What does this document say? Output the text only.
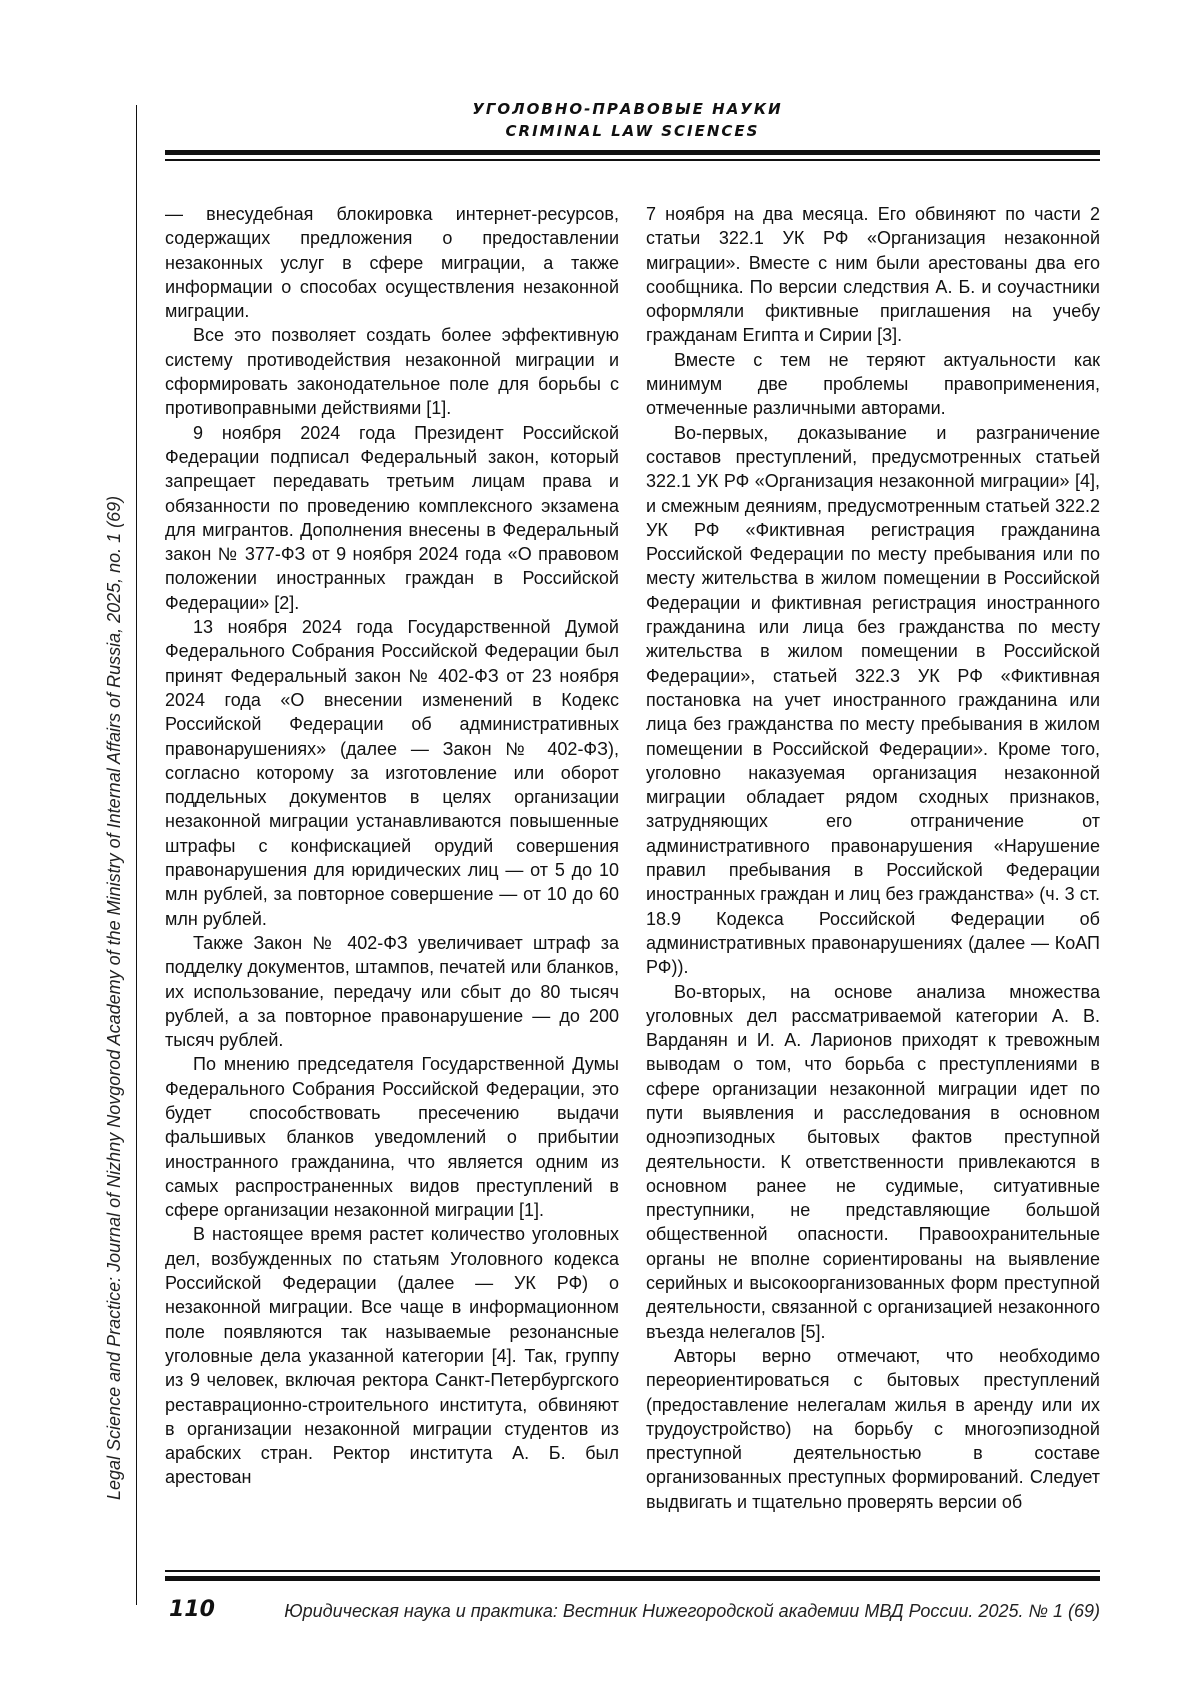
Legal Science and Practice: Journal of Nizhny Novgorod Academy of the Ministry of Internal Affairs of Russia, 2025, no. 1 (69)
УГОЛОВНО-ПРАВОВЫЕ НАУКИ
CRIMINAL LAW SCIENCES

— внесудебная блокировка интернет-ресурсов, содержащих предложения о предоставлении незаконных услуг в сфере миграции, а также информации о способах осуществления незаконной миграции.

Все это позволяет создать более эффективную систему противодействия незаконной миграции и сформировать законодательное поле для борьбы с противоправными действиями [1].

9 ноября 2024 года Президент Российской Федерации подписал Федеральный закон, который запрещает передавать третьим лицам права и обязанности по проведению комплексного экзамена для мигрантов. Дополнения внесены в Федеральный закон № 377-ФЗ от 9 ноября 2024 года «О правовом положении иностранных граждан в Российской Федерации» [2].

13 ноября 2024 года Государственной Думой Федерального Собрания Российской Федерации был принят Федеральный закон № 402-ФЗ от 23 ноября 2024 года «О внесении изменений в Кодекс Российской Федерации об административных правонарушениях» (далее — Закон № 402-ФЗ), согласно которому за изготовление или оборот поддельных документов в целях организации незаконной миграции устанавливаются повышенные штрафы с конфискацией орудий совершения правонарушения для юридических лиц — от 5 до 10 млн рублей, за повторное совершение — от 10 до 60 млн рублей.

Также Закон № 402-ФЗ увеличивает штраф за подделку документов, штампов, печатей или бланков, их использование, передачу или сбыт до 80 тысяч рублей, а за повторное правонарушение — до 200 тысяч рублей.

По мнению председателя Государственной Думы Федерального Собрания Российской Федерации, это будет способствовать пресечению выдачи фальшивых бланков уведомлений о прибытии иностранного гражданина, что является одним из самых распространенных видов преступлений в сфере организации незаконной миграции [1].

В настоящее время растет количество уголовных дел, возбужденных по статьям Уголовного кодекса Российской Федерации (далее — УК РФ) о незаконной миграции. Все чаще в информационном поле появляются так называемые резонансные уголовные дела указанной категории [4]. Так, группу из 9 человек, включая ректора Санкт-Петербургского реставрационно-строительного института, обвиняют в организации незаконной миграции студентов из арабских стран. Ректор института А. Б. был арестован

7 ноября на два месяца. Его обвиняют по части 2 статьи 322.1 УК РФ «Организация незаконной миграции». Вместе с ним были арестованы два его сообщника. По версии следствия А. Б. и соучастники оформляли фиктивные приглашения на учебу гражданам Египта и Сирии [3].

Вместе с тем не теряют актуальности как минимум две проблемы правоприменения, отмеченные различными авторами.

Во-первых, доказывание и разграничение составов преступлений, предусмотренных статьей 322.1 УК РФ «Организация незаконной миграции» [4], и смежным деяниям, предусмотренным статьей 322.2 УК РФ «Фиктивная регистрация гражданина Российской Федерации по месту пребывания или по месту жительства в жилом помещении в Российской Федерации и фиктивная регистрация иностранного гражданина или лица без гражданства по месту жительства в жилом помещении в Российской Федерации», статьей 322.3 УК РФ «Фиктивная постановка на учет иностранного гражданина или лица без гражданства по месту пребывания в жилом помещении в Российской Федерации». Кроме того, уголовно наказуемая организация незаконной миграции обладает рядом сходных признаков, затрудняющих его отграничение от административного правонарушения «Нарушение правил пребывания в Российской Федерации иностранных граждан и лиц без гражданства» (ч. 3 ст. 18.9 Кодекса Российской Федерации об административных правонарушениях (далее — КоАП РФ)).

Во-вторых, на основе анализа множества уголовных дел рассматриваемой категории А. В. Варданян и И. А. Ларионов приходят к тревожным выводам о том, что борьба с преступлениями в сфере организации незаконной миграции идет по пути выявления и расследования в основном одноэпизодных бытовых фактов преступной деятельности. К ответственности привлекаются в основном ранее не судимые, ситуативные преступники, не представляющие большой общественной опасности. Правоохранительные органы не вполне сориентированы на выявление серийных и высокоорганизованных форм преступной деятельности, связанной с организацией незаконного въезда нелегалов [5].

Авторы верно отмечают, что необходимо переориентироваться с бытовых преступлений (предоставление нелегалам жилья в аренду или их трудоустройство) на борьбу с многоэпизодной преступной деятельностью в составе организованных преступных формирований. Следует выдвигать и тщательно проверять версии об

110	Юридическая наука и практика: Вестник Нижегородской академии МВД России. 2025. № 1 (69)
